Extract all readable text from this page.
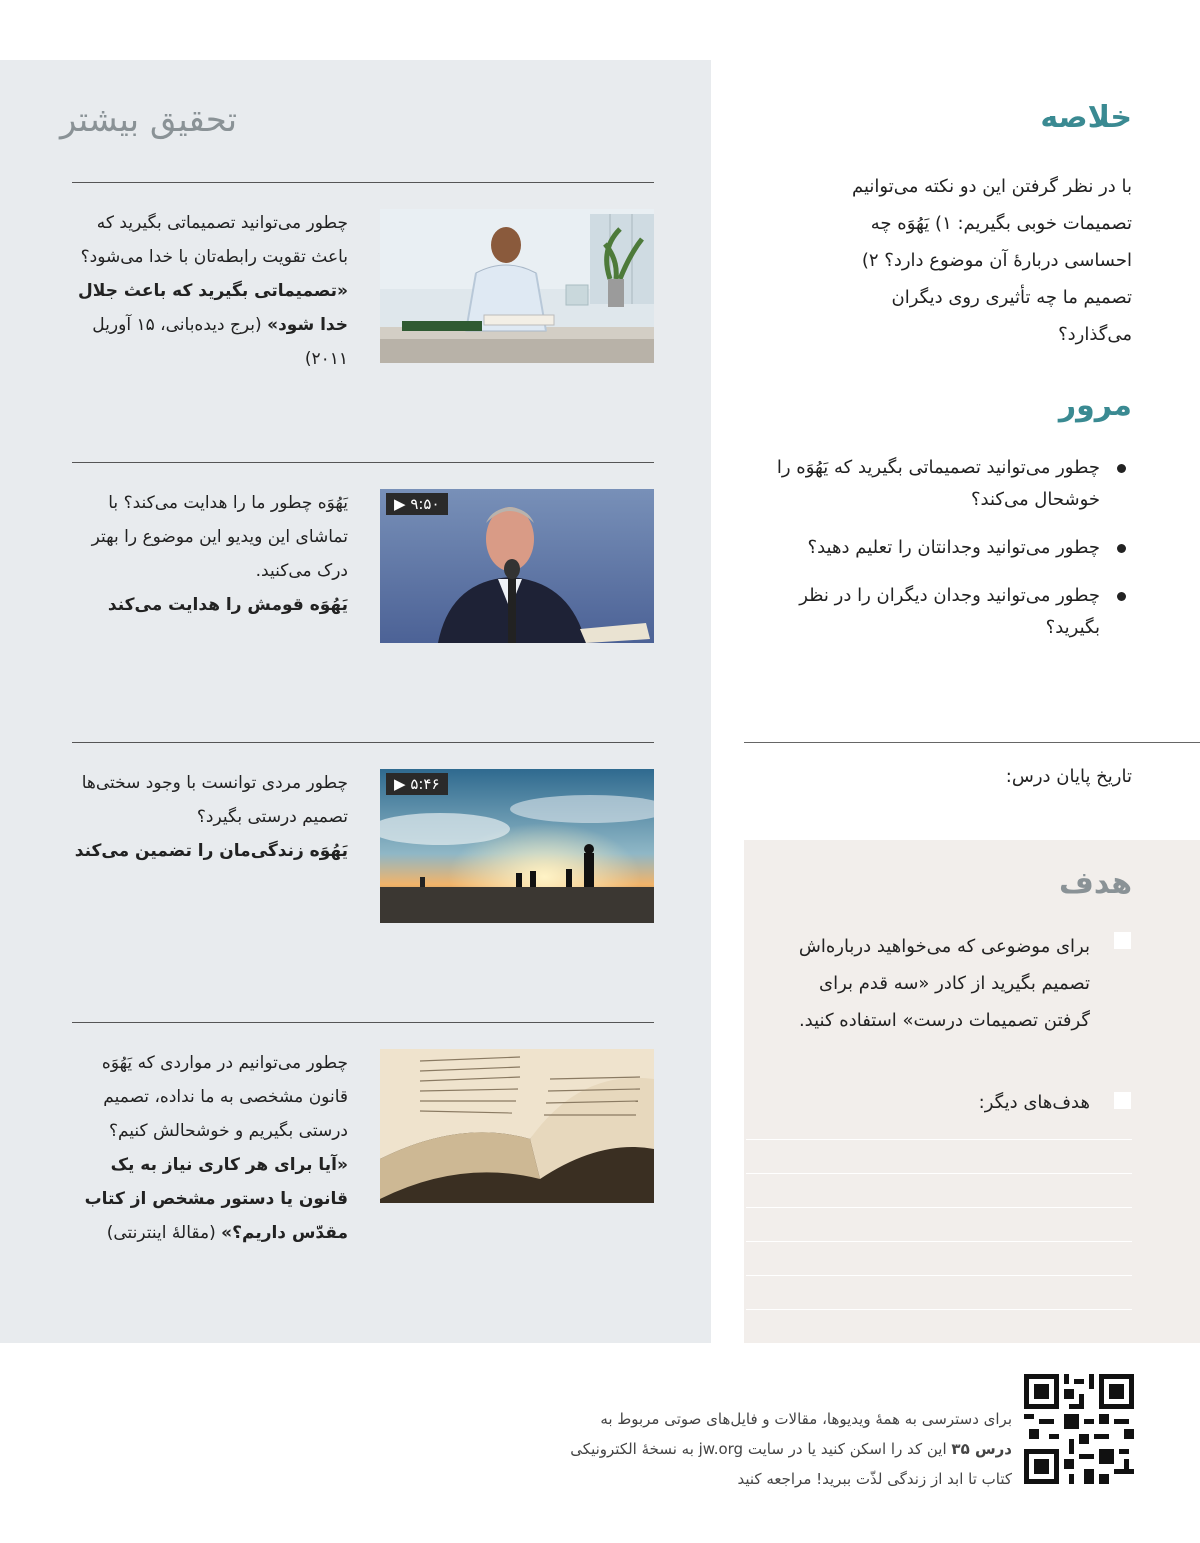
تحقیق بیشتر

چطور می‌توانید تصمیماتی بگیرید که باعث تقویت رابطه‌تان با خدا می‌شود؟

«تصمیماتی بگیرید که باعث جلال خدا شود» (برج دیده‌بانی، ۱۵ آوریل ۲۰۱۱)

یَهُوَه چطور ما را هدایت می‌کند؟ با تماشای این ویدیو این موضوع را بهتر درک می‌کنید.

یَهُوَه قومش را هدایت می‌کند

▶ ۹:۵۰

چطور مردی توانست با وجود سختی‌ها تصمیم درستی بگیرد؟

یَهُوَه زندگی‌مان را تضمین می‌کند

▶ ۵:۴۶

چطور می‌توانیم در مواردی که یَهُوَه قانون مشخصی به ما نداده، تصمیم درستی بگیریم و خوشحالش کنیم؟

«آیا برای هر کاری نیاز به یک قانون یا دستور مشخص از کتاب مقدّس داریم؟» (مقالهٔ اینترنتی)

خلاصه
با در نظر گرفتن این دو نکته می‌توانیم تصمیمات خوبی بگیریم: ۱) یَهُوَه چه احساسی دربارهٔ آن موضوع دارد؟ ۲) تصمیم ما چه تأثیری روی دیگران می‌گذارد؟
مرور
چطور می‌توانید تصمیماتی بگیرید که یَهُوَه را خوشحال می‌کند؟
چطور می‌توانید وجدانتان را تعلیم دهید؟
چطور می‌توانید وجدان دیگران را در نظر بگیرید؟
تاریخ پایان درس:
هدف
برای موضوعی که می‌خواهید درباره‌اش تصمیم بگیرید از کادر «سه قدم برای گرفتن تصمیمات درست» استفاده کنید.
هدف‌های دیگر:
برای دسترسی به همهٔ ویدیوها، مقالات و فایل‌های صوتی مربوط به
درس ۳۵ این کد را اسکن کنید یا در سایت jw.org به نسخهٔ الکترونیکی
کتاب تا ابد از زندگی لذّت ببرید! مراجعه کنید
